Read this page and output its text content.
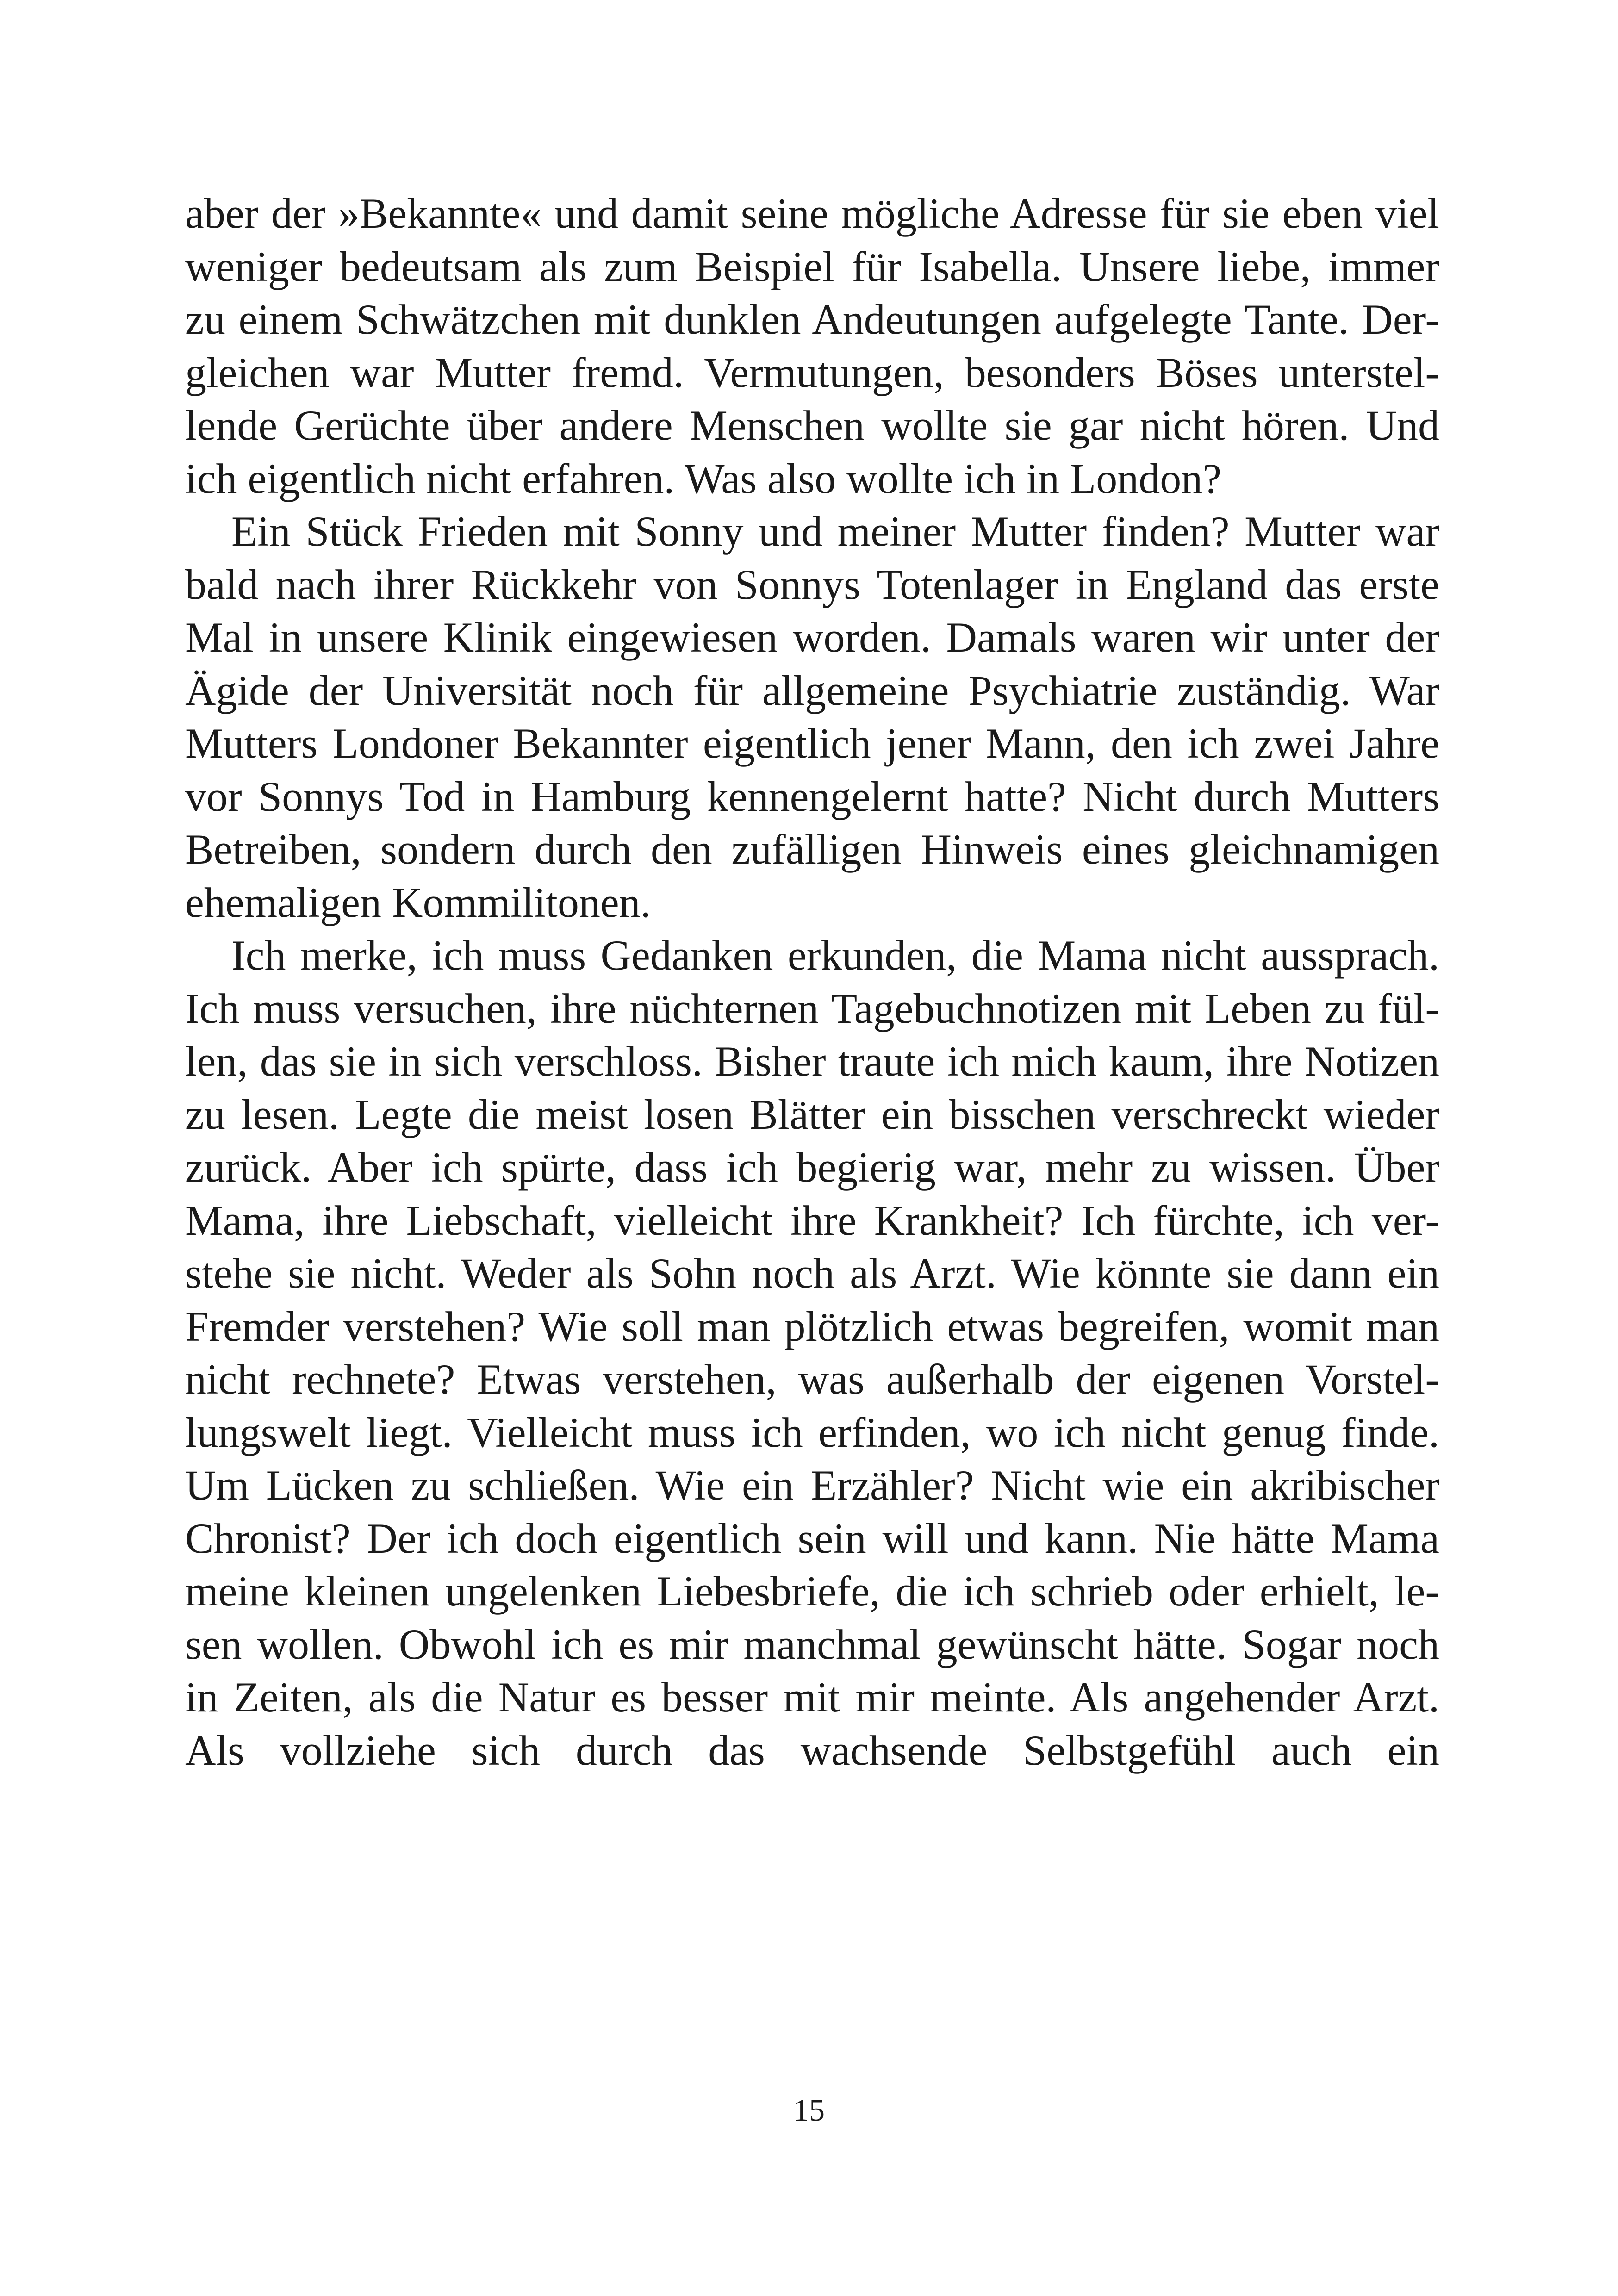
aber der »Bekannte« und damit seine mögliche Adresse für sie eben viel
weniger bedeutsam als zum Beispiel für Isabella. Unsere liebe, immer
zu einem Schwätzchen mit dunklen Andeutungen aufgelegte Tante. Der-
gleichen war Mutter fremd. Vermutungen, besonders Böses unterstel-
lende Gerüchte über andere Menschen wollte sie gar nicht hören. Und
ich eigentlich nicht erfahren. Was also wollte ich in London?
Ein Stück Frieden mit Sonny und meiner Mutter finden? Mutter war
bald nach ihrer Rückkehr von Sonnys Totenlager in England das erste
Mal in unsere Klinik eingewiesen worden. Damals waren wir unter der
Ägide der Universität noch für allgemeine Psychiatrie zuständig. War
Mutters Londoner Bekannter eigentlich jener Mann, den ich zwei Jahre
vor Sonnys Tod in Hamburg kennengelernt hatte? Nicht durch Mutters
Betreiben, sondern durch den zufälligen Hinweis eines gleichnamigen
ehemaligen Kommilitonen.
Ich merke, ich muss Gedanken erkunden, die Mama nicht aussprach.
Ich muss versuchen, ihre nüchternen Tagebuchnotizen mit Leben zu fül-
len, das sie in sich verschloss. Bisher traute ich mich kaum, ihre Notizen
zu lesen. Legte die meist losen Blätter ein bisschen verschreckt wieder
zurück. Aber ich spürte, dass ich begierig war, mehr zu wissen. Über
Mama, ihre Liebschaft, vielleicht ihre Krankheit? Ich fürchte, ich ver-
stehe sie nicht. Weder als Sohn noch als Arzt. Wie könnte sie dann ein
Fremder verstehen? Wie soll man plötzlich etwas begreifen, womit man
nicht rechnete? Etwas verstehen, was außerhalb der eigenen Vorstel-
lungswelt liegt. Vielleicht muss ich erfinden, wo ich nicht genug finde.
Um Lücken zu schließen. Wie ein Erzähler? Nicht wie ein akribischer
Chronist? Der ich doch eigentlich sein will und kann. Nie hätte Mama
meine kleinen ungelenken Liebesbriefe, die ich schrieb oder erhielt, le-
sen wollen. Obwohl ich es mir manchmal gewünscht hätte. Sogar noch
in Zeiten, als die Natur es besser mit mir meinte. Als angehender Arzt.
Als vollziehe sich durch das wachsende Selbstgefühl auch ein
15
